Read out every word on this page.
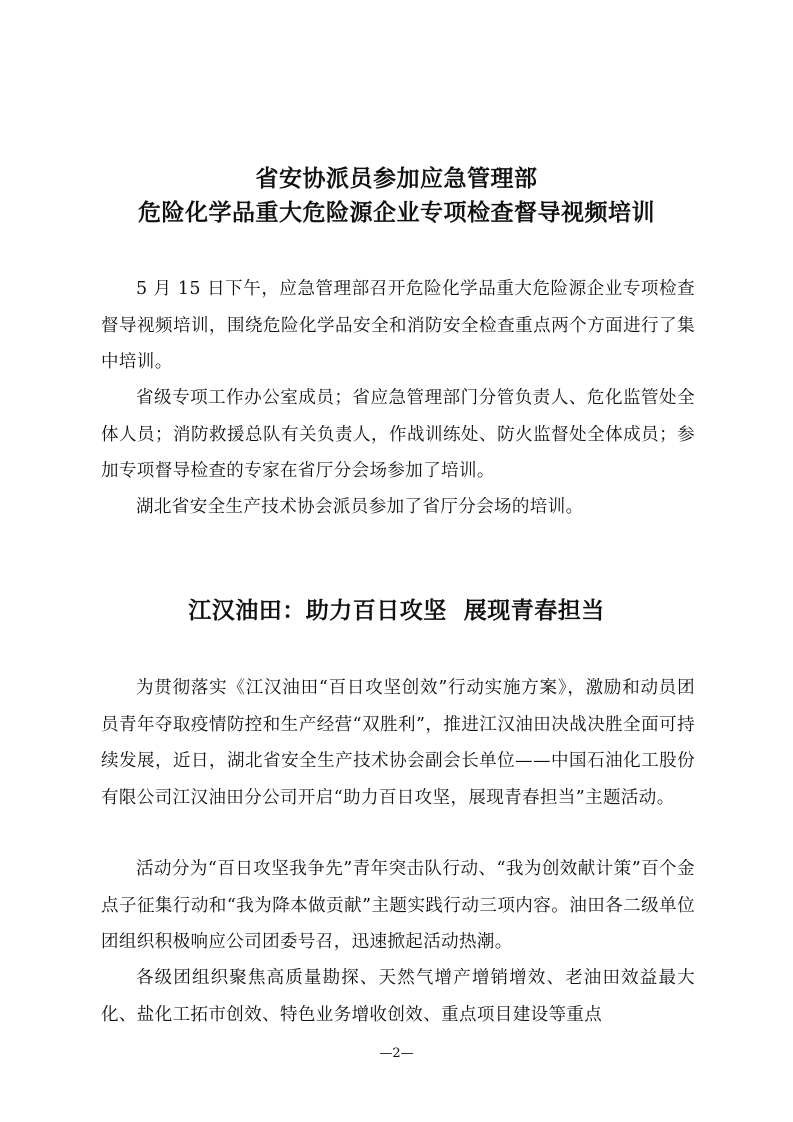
省安协派员参加应急管理部
危险化学品重大危险源企业专项检查督导视频培训

5 月 15 日下午，应急管理部召开危险化学品重大危险源企业专项检查督导视频培训，围绕危险化学品安全和消防安全检查重点两个方面进行了集中培训。

省级专项工作办公室成员；省应急管理部门分管负责人、危化监管处全体人员；消防救援总队有关负责人，作战训练处、防火监督处全体成员；参加专项督导检查的专家在省厅分会场参加了培训。

湖北省安全生产技术协会派员参加了省厅分会场的培训。

江汉油田：助力百日攻坚  展现青春担当

为贯彻落实《江汉油田“百日攻坚创效”行动实施方案》，激励和动员团员青年夺取疫情防控和生产经营“双胜利”，推进江汉油田决战决胜全面可持续发展，近日，湖北省安全生产技术协会副会长单位——中国石油化工股份有限公司江汉油田分公司开启“助力百日攻坚，展现青春担当”主题活动。

活动分为“百日攻坚我争先”青年突击队行动、“我为创效献计策”百个金点子征集行动和“我为降本做贡献”主题实践行动三项内容。油田各二级单位团组织积极响应公司团委号召，迅速掀起活动热潮。

各级团组织聚焦高质量勘探、天然气增产增销增效、老油田效益最大化、盐化工拓市创效、特色业务增收创效、重点项目建设等重点

—2—
